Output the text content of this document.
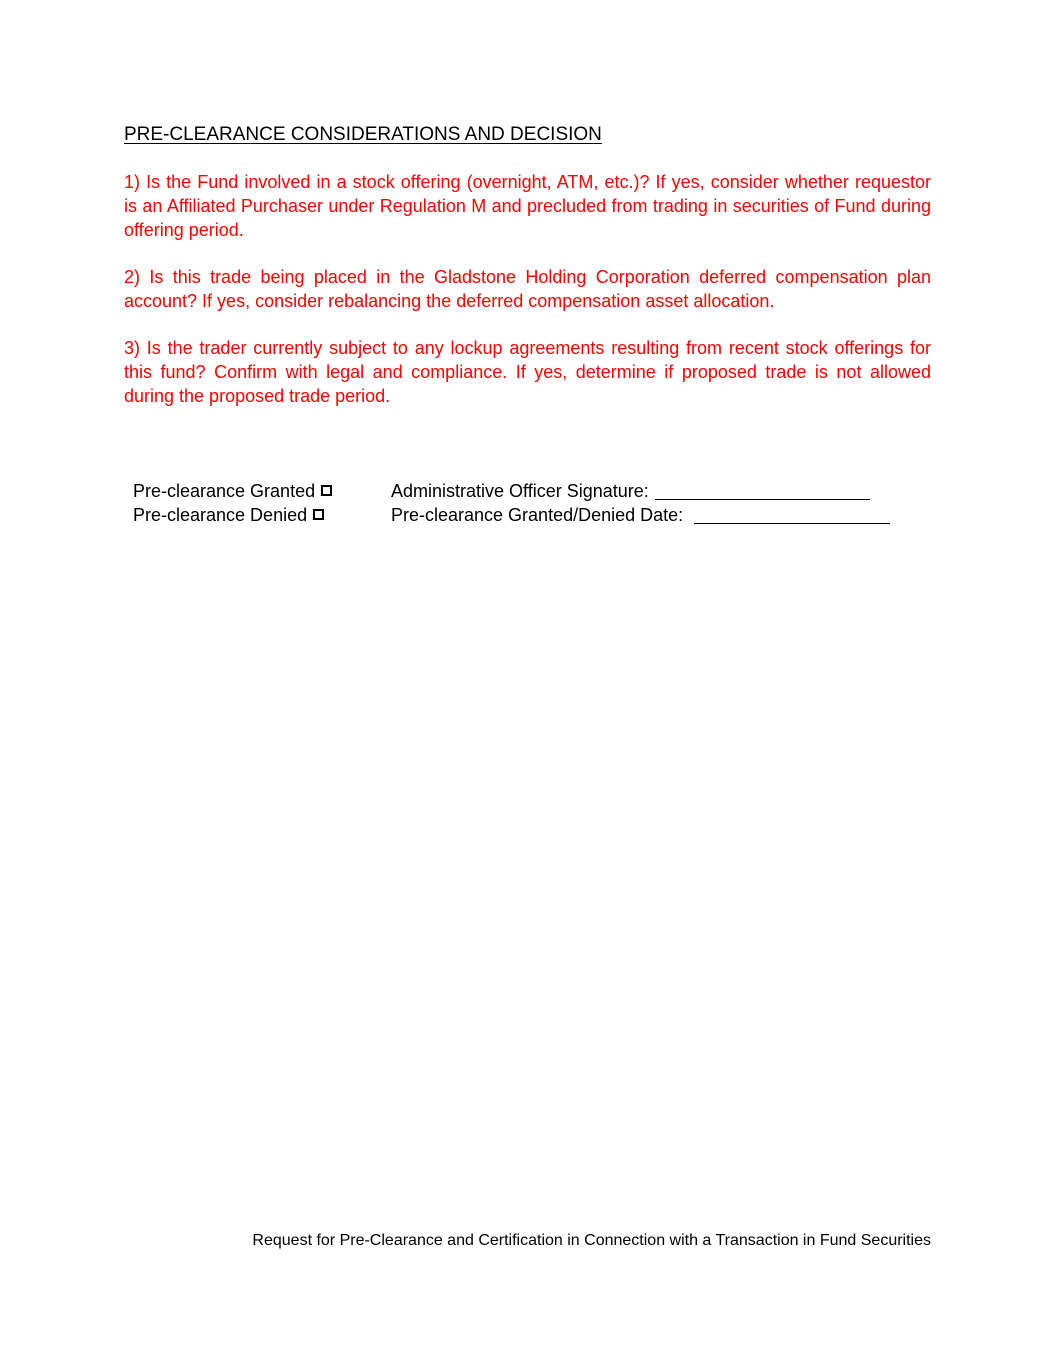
PRE-CLEARANCE CONSIDERATIONS AND DECISION
1) Is the Fund involved in a stock offering (overnight, ATM, etc.)? If yes, consider whether requestor is an Affiliated Purchaser under Regulation M and precluded from trading in securities of Fund during offering period.
2) Is this trade being placed in the Gladstone Holding Corporation deferred compensation plan account? If yes, consider rebalancing the deferred compensation asset allocation.
3) Is the trader currently subject to any lockup agreements resulting from recent stock offerings for this fund? Confirm with legal and compliance. If yes, determine if proposed trade is not allowed during the proposed trade period.
Pre-clearance Granted
Pre-clearance Denied
Administrative Officer Signature:
Pre-clearance Granted/Denied Date:
Request for Pre-Clearance and Certification in Connection with a Transaction in Fund Securities
